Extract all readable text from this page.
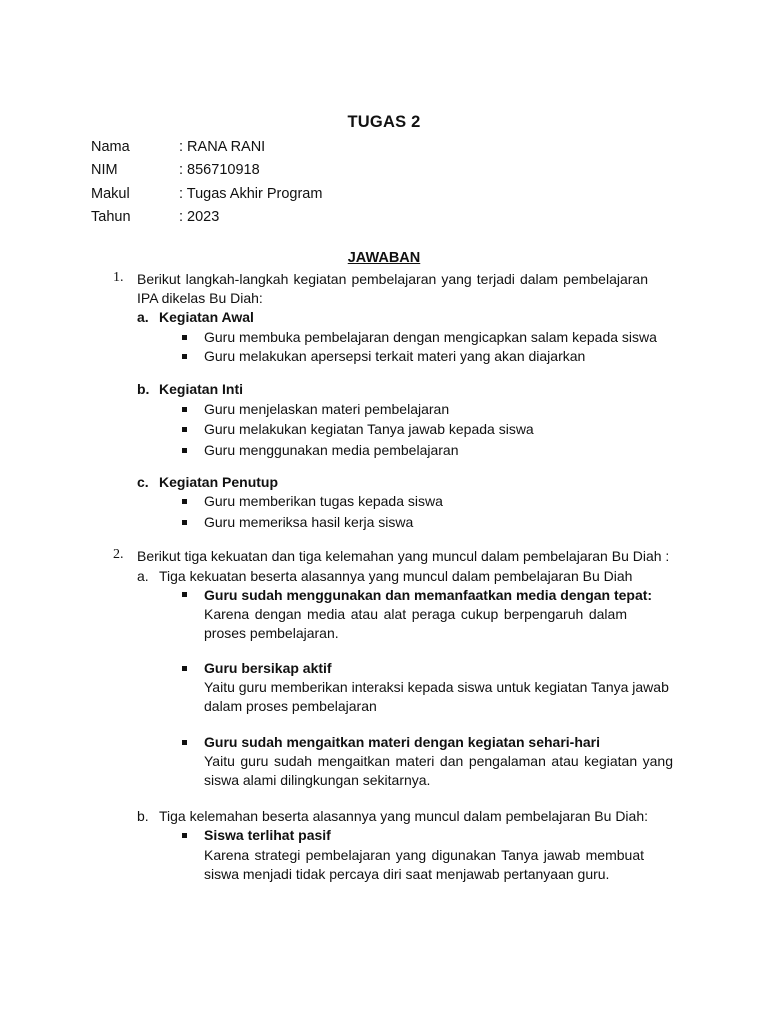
TUGAS 2
Nama	: RANA RANI
NIM	: 856710918
Makul	: Tugas Akhir Program
Tahun	: 2023
JAWABAN
1. Berikut langkah-langkah kegiatan pembelajaran yang terjadi dalam pembelajaran
IPA dikelas Bu Diah:
a. Kegiatan Awal
Guru membuka pembelajaran dengan mengicapkan salam kepada siswa
Guru melakukan apersepsi terkait materi yang akan diajarkan
b. Kegiatan Inti
Guru menjelaskan materi pembelajaran
Guru melakukan kegiatan Tanya jawab kepada siswa
Guru menggunakan media pembelajaran
c. Kegiatan Penutup
Guru memberikan tugas kepada siswa
Guru memeriksa hasil kerja siswa
2. Berikut tiga kekuatan dan tiga kelemahan yang muncul dalam pembelajaran Bu Diah :
a. Tiga kekuatan beserta alasannya yang muncul dalam pembelajaran Bu Diah
Guru sudah menggunakan dan memanfaatkan media dengan tepat:
Karena dengan media atau alat peraga cukup berpengaruh dalam
proses pembelajaran.
Guru bersikap aktif
Yaitu guru memberikan interaksi kepada siswa untuk kegiatan Tanya jawab
dalam proses pembelajaran
Guru sudah mengaitkan materi dengan kegiatan sehari-hari
Yaitu guru sudah mengaitkan materi dan pengalaman atau kegiatan yang
siswa alami dilingkungan sekitarnya.
b. Tiga kelemahan beserta alasannya yang muncul dalam pembelajaran Bu Diah:
Siswa terlihat pasif
Karena strategi pembelajaran yang digunakan Tanya jawab membuat
siswa menjadi tidak percaya diri saat menjawab pertanyaan guru.
